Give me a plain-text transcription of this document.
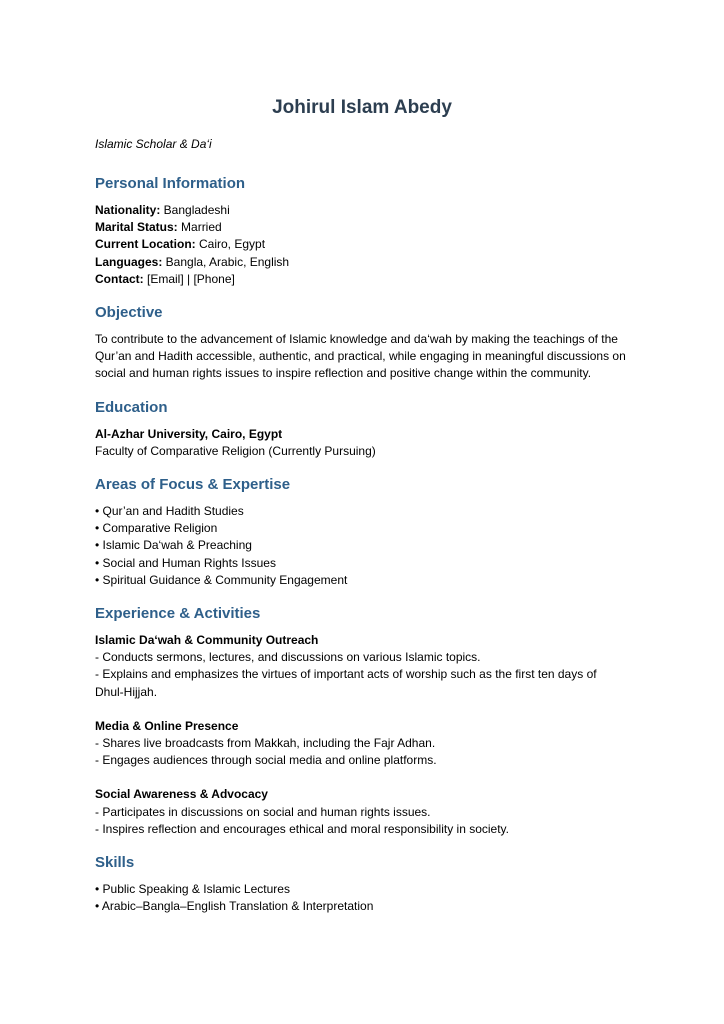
Johirul Islam Abedy
Islamic Scholar & Da‘i
Personal Information
Nationality: Bangladeshi
Marital Status: Married
Current Location: Cairo, Egypt
Languages: Bangla, Arabic, English
Contact: [Email] | [Phone]
Objective
To contribute to the advancement of Islamic knowledge and da‘wah by making the teachings of the Qur’an and Hadith accessible, authentic, and practical, while engaging in meaningful discussions on social and human rights issues to inspire reflection and positive change within the community.
Education
Al-Azhar University, Cairo, Egypt
Faculty of Comparative Religion (Currently Pursuing)
Areas of Focus & Expertise
• Qur’an and Hadith Studies
• Comparative Religion
• Islamic Da‘wah & Preaching
• Social and Human Rights Issues
• Spiritual Guidance & Community Engagement
Experience & Activities
Islamic Da‘wah & Community Outreach
- Conducts sermons, lectures, and discussions on various Islamic topics.
- Explains and emphasizes the virtues of important acts of worship such as the first ten days of Dhul-Hijjah.
Media & Online Presence
- Shares live broadcasts from Makkah, including the Fajr Adhan.
- Engages audiences through social media and online platforms.
Social Awareness & Advocacy
- Participates in discussions on social and human rights issues.
- Inspires reflection and encourages ethical and moral responsibility in society.
Skills
• Public Speaking & Islamic Lectures
• Arabic–Bangla–English Translation & Interpretation
